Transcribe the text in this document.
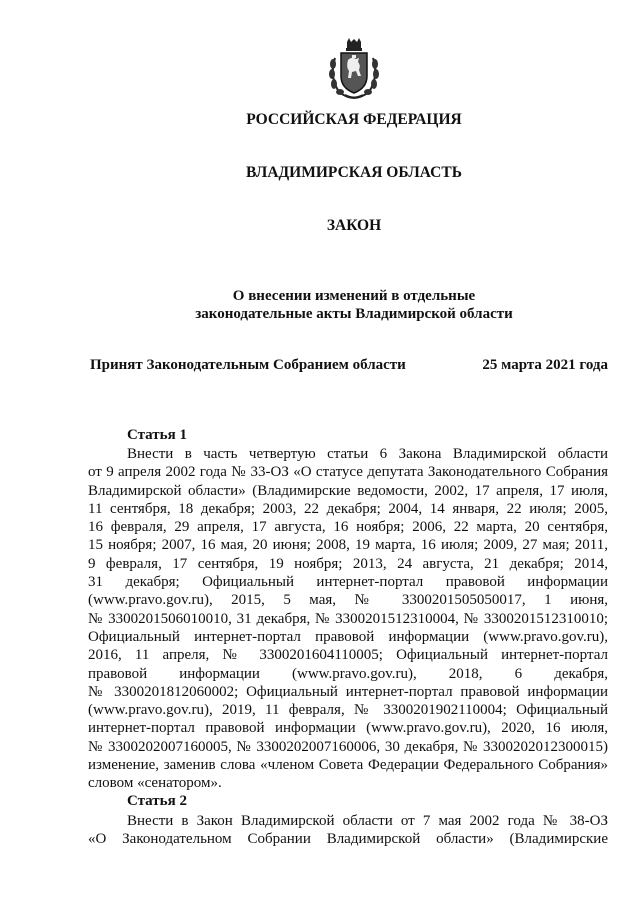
РОССИЙСКАЯ ФЕДЕРАЦИЯ

ВЛАДИМИРСКАЯ ОБЛАСТЬ

ЗАКОН

О внесении изменений в отдельные
законодательные акты Владимирской области
Принят Законодательным Собранием области	25 марта 2021 года

Статья 1

Внести в часть четвертую статьи 6 Закона Владимирской области
от 9 апреля 2002 года № 33-ОЗ «О статусе депутата Законодательного Собрания
Владимирской области» (Владимирские ведомости, 2002, 17 апреля, 17 июля,
11 сентября, 18 декабря; 2003, 22 декабря; 2004, 14 января, 22 июля; 2005,
16 февраля, 29 апреля, 17 августа, 16 ноября; 2006, 22 марта, 20 сентября,
15 ноября; 2007, 16 мая, 20 июня; 2008, 19 марта, 16 июля; 2009, 27 мая; 2011,
9 февраля, 17 сентября, 19 ноября; 2013, 24 августа, 21 декабря; 2014,
31 декабря; Официальный интернет-портал правовой информации
(www.pravo.gov.ru), 2015, 5 мая, № 3300201505050017, 1 июня,
№ 3300201506010010, 31 декабря, № 3300201512310004, № 3300201512310010;
Официальный интернет-портал правовой информации (www.pravo.gov.ru),
2016, 11 апреля, № 3300201604110005; Официальный интернет-портал
правовой информации (www.pravo.gov.ru), 2018, 6 декабря,
№ 3300201812060002; Официальный интернет-портал правовой информации
(www.pravo.gov.ru), 2019, 11 февраля, № 3300201902110004; Официальный
интернет-портал правовой информации (www.pravo.gov.ru), 2020, 16 июля,
№ 3300202007160005, № 3300202007160006, 30 декабря, № 3300202012300015)
изменение, заменив слова «членом Совета Федерации Федерального Собрания»
словом «сенатором».

Статья 2

Внести в Закон Владимирской области от 7 мая 2002 года № 38-ОЗ
«О Законодательном Собрании Владимирской области» (Владимирские
